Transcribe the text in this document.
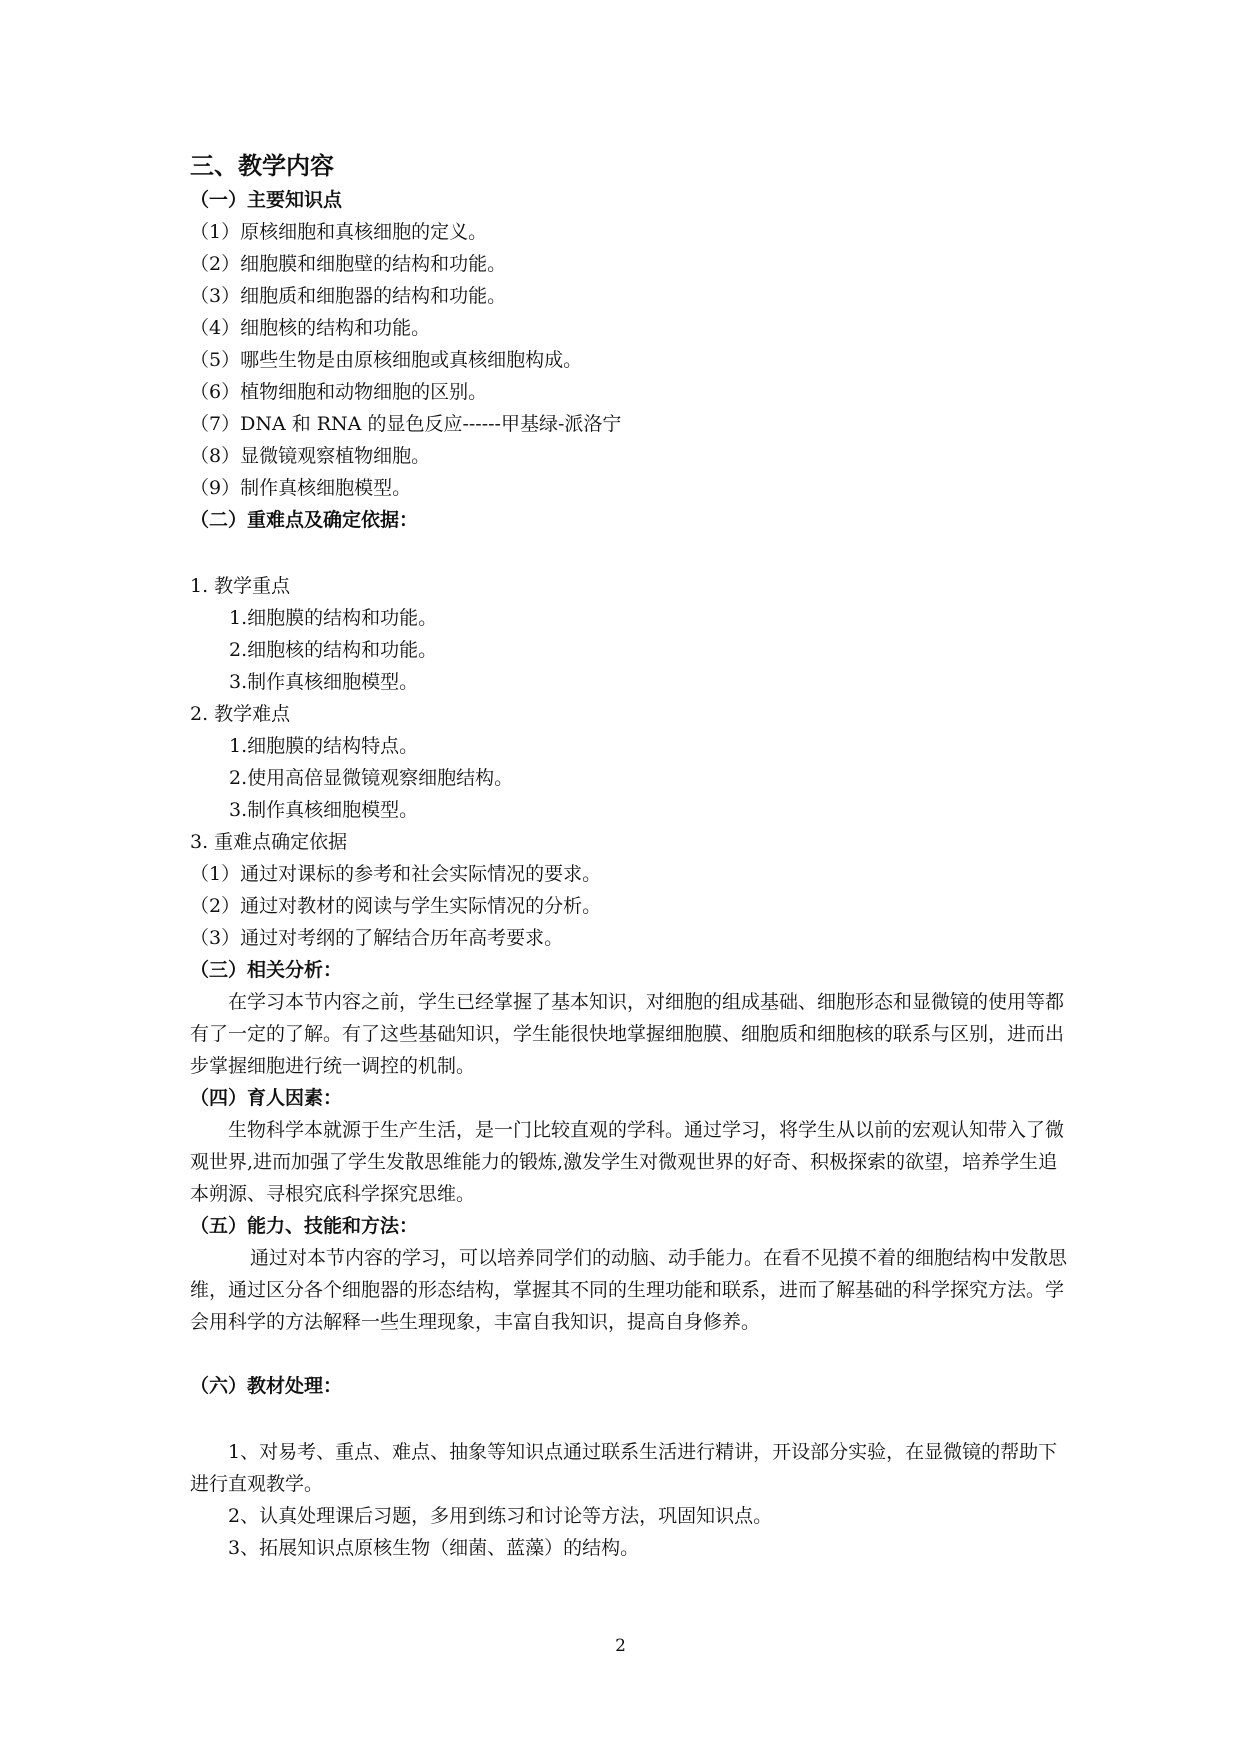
三、教学内容
（一）主要知识点
（1）原核细胞和真核细胞的定义。
（2）细胞膜和细胞壁的结构和功能。
（3）细胞质和细胞器的结构和功能。
（4）细胞核的结构和功能。
（5）哪些生物是由原核细胞或真核细胞构成。
（6）植物细胞和动物细胞的区别。
（7）DNA 和 RNA 的显色反应------甲基绿-派洛宁
（8）显微镜观察植物细胞。
（9）制作真核细胞模型。
（二）重难点及确定依据：
1. 教学重点
1.细胞膜的结构和功能。
2.细胞核的结构和功能。
3.制作真核细胞模型。
2. 教学难点
1.细胞膜的结构特点。
2.使用高倍显微镜观察细胞结构。
3.制作真核细胞模型。
3. 重难点确定依据
（1）通过对课标的参考和社会实际情况的要求。
（2）通过对教材的阅读与学生实际情况的分析。
（3）通过对考纲的了解结合历年高考要求。
（三）相关分析：
在学习本节内容之前，学生已经掌握了基本知识，对细胞的组成基础、细胞形态和显微镜的使用等都有了一定的了解。有了这些基础知识，学生能很快地掌握细胞膜、细胞质和细胞核的联系与区别，进而出步掌握细胞进行统一调控的机制。
（四）育人因素：
生物科学本就源于生产生活，是一门比较直观的学科。通过学习，将学生从以前的宏观认知带入了微观世界,进而加强了学生发散思维能力的锻炼,激发学生对微观世界的好奇、积极探索的欲望，培养学生追本朔源、寻根究底科学探究思维。
（五）能力、技能和方法：
通过对本节内容的学习，可以培养同学们的动脑、动手能力。在看不见摸不着的细胞结构中发散思维，通过区分各个细胞器的形态结构，掌握其不同的生理功能和联系，进而了解基础的科学探究方法。学会用科学的方法解释一些生理现象，丰富自我知识，提高自身修养。
（六）教材处理：
1、对易考、重点、难点、抽象等知识点通过联系生活进行精讲，开设部分实验，在显微镜的帮助下进行直观教学。
2、认真处理课后习题，多用到练习和讨论等方法，巩固知识点。
3、拓展知识点原核生物（细菌、蓝藻）的结构。
2
